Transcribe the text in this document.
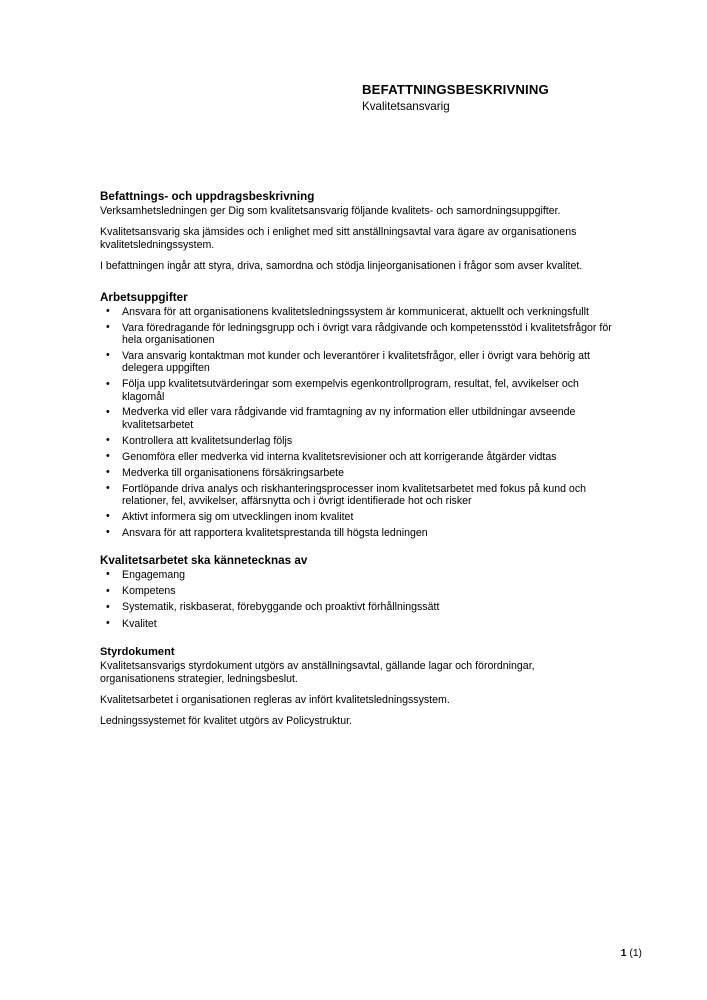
BEFATTNINGSBESKRIVNING
Kvalitetsansvarig
Befattnings- och uppdragsbeskrivning

Verksamhetsledningen ger Dig som kvalitetsansvarig följande kvalitets- och samordningsuppgifter.

Kvalitetsansvarig ska jämsides och i enlighet med sitt anställningsavtal vara ägare av organisationens kvalitetsledningssystem.

I befattningen ingår att styra, driva, samordna och stödja linjeorganisationen i frågor som avser kvalitet.

Arbetsuppgifter
• Ansvara för att organisationens kvalitetsledningssystem är kommunicerat, aktuellt och verkningsfullt
• Vara föredragande för ledningsgrupp och i övrigt vara rådgivande och kompetensstöd i kvalitetsfrågor för hela organisationen
• Vara ansvarig kontaktman mot kunder och leverantörer i kvalitetsfrågor, eller i övrigt vara behörig att delegera uppgiften
• Följa upp kvalitetsutvärderingar som exempelvis egenkontrollprogram, resultat, fel, avvikelser och klagomål
• Medverka vid eller vara rådgivande vid framtagning av ny information eller utbildningar avseende kvalitetsarbetet
• Kontrollera att kvalitetsunderlag följs
• Genomföra eller medverka vid interna kvalitetsrevisioner och att korrigerande åtgärder vidtas
• Medverka till organisationens försäkringsarbete
• Fortlöpande driva analys och riskhanteringsprocesser inom kvalitetsarbetet med fokus på kund och relationer, fel, avvikelser, affärsnytta och i övrigt identifierade hot och risker
• Aktivt informera sig om utvecklingen inom kvalitet
• Ansvara för att rapportera kvalitetsprestanda till högsta ledningen
Kvalitetsarbetet ska kännetecknas av
• Engagemang
• Kompetens
• Systematik, riskbaserat, förebyggande och proaktivt förhållningssätt
• Kvalitet
Styrdokument

Kvalitetsansvarigs styrdokument utgörs av anställningsavtal, gällande lagar och förordningar, organisationens strategier, ledningsbeslut.

Kvalitetsarbetet i organisationen regleras av infört kvalitetsledningssystem.

Ledningssystemet för kvalitet utgörs av Policystruktur.

1 (1)
